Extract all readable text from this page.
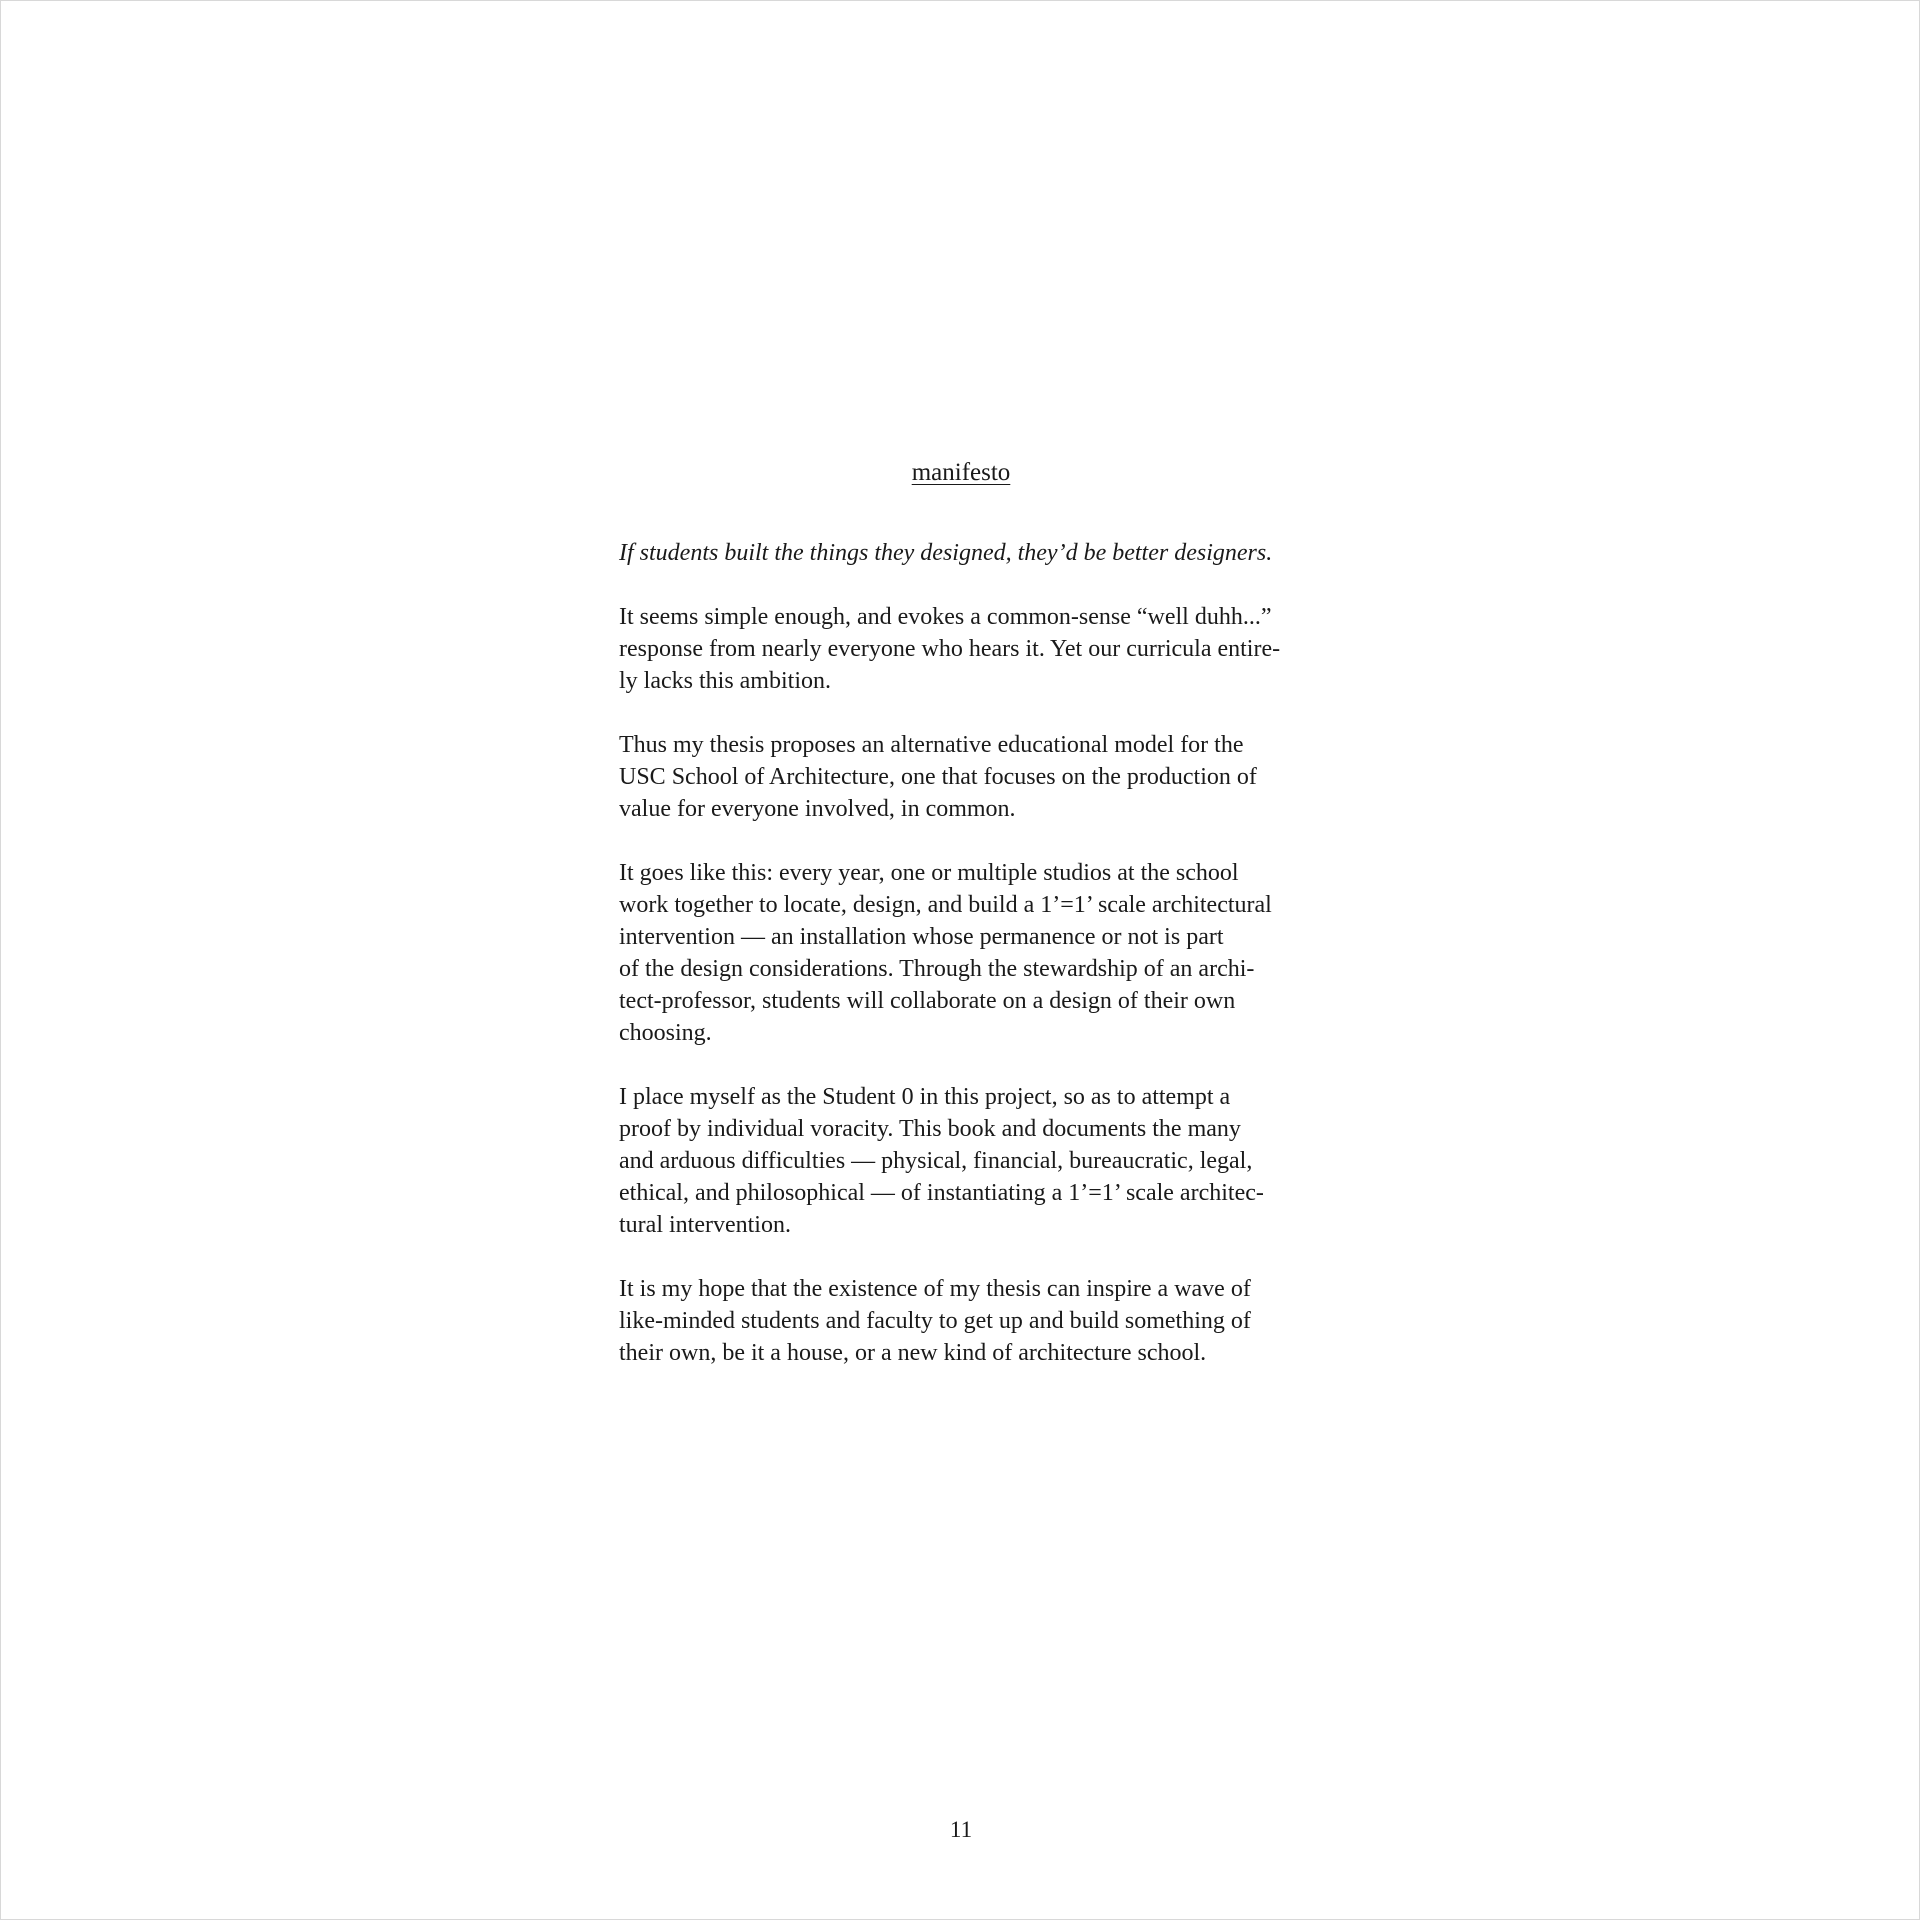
manifesto

If students built the things they designed, they’d be better designers.

It seems simple enough, and evokes a common-sense “well duhh...”
response from nearly everyone who hears it. Yet our curricula entire-
ly lacks this ambition.

Thus my thesis proposes an alternative educational model for the
USC School of Architecture, one that focuses on the production of
value for everyone involved, in common.

It goes like this: every year, one or multiple studios at the school
work together to locate, design, and build a 1’=1’ scale architectural
intervention — an installation whose permanence or not is part
of the design considerations. Through the stewardship of an archi-
tect-professor, students will collaborate on a design of their own
choosing.

I place myself as the Student 0 in this project, so as to attempt a
proof by individual voracity. This book and documents the many
and arduous difficulties — physical, financial, bureaucratic, legal,
ethical, and philosophical — of instantiating a 1’=1’ scale architec-
tural intervention.

It is my hope that the existence of my thesis can inspire a wave of
like-minded students and faculty to get up and build something of
their own, be it a house, or a new kind of architecture school.

11
